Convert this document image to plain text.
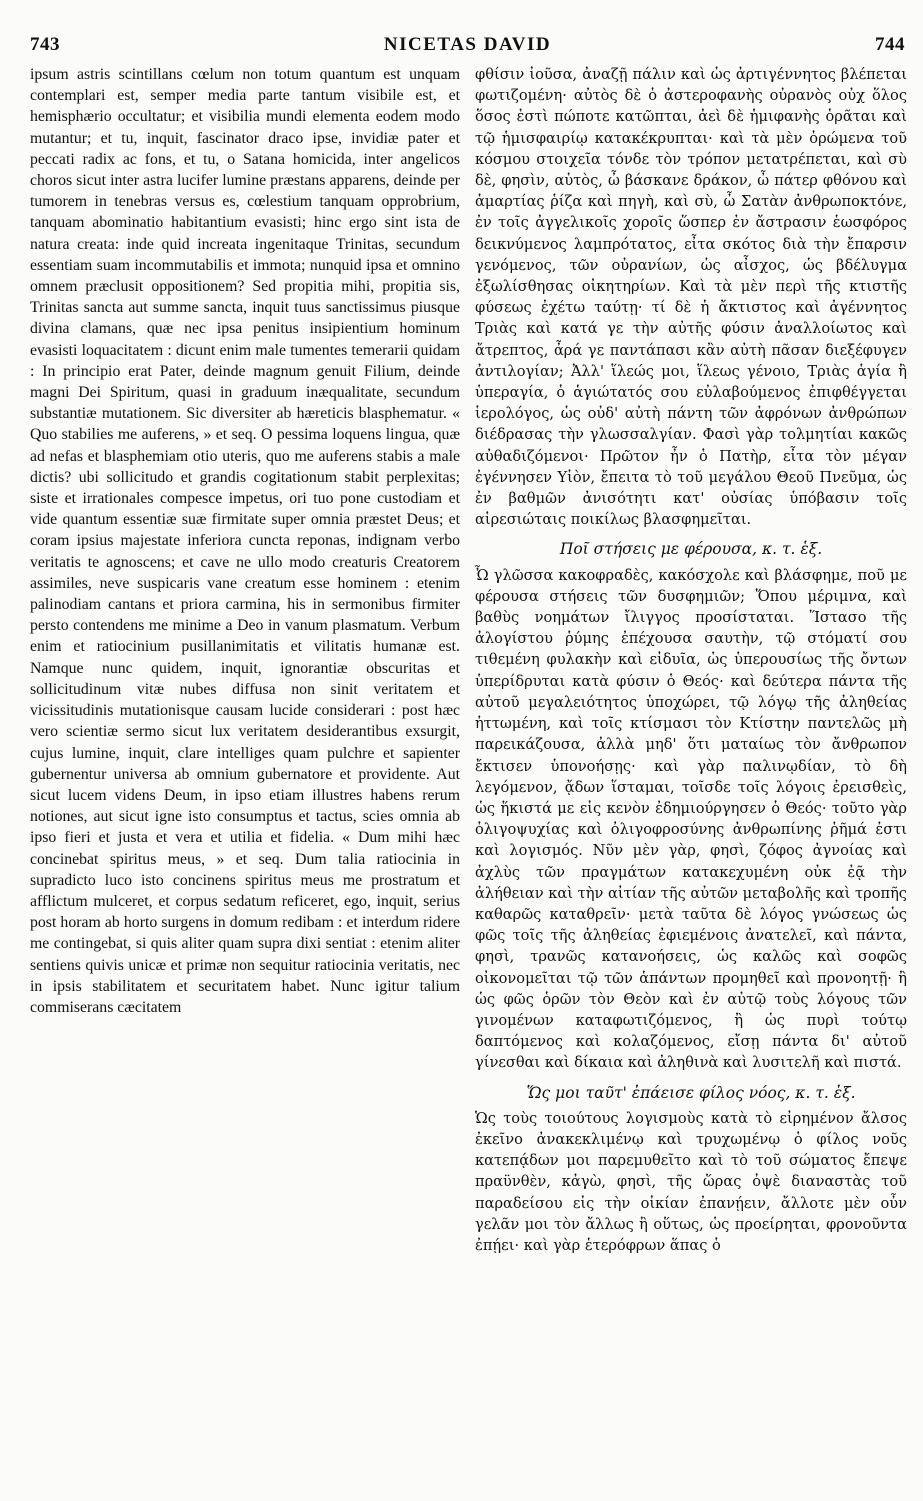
743	NICETAS DAVID	744

ipsum astris scintillans cœlum non totum quantum est unquam contemplari est, semper media parte tantum visibile est, et hemisphærio occultatur; et visibilia mundi elementa eodem modo mutantur; et tu, inquit, fascinator draco ipse, invidiæ pater et peccati radix ac fons, et tu, o Satana homicida, inter angelicos choros sicut inter astra lucifer lumine præstans apparens, deinde per tumorem in tenebras versus es, cœlestium tanquam opprobrium, tanquam abominatio habitantium evasisti; hinc ergo sint ista de natura creata: inde quid increata ingenitaque Trinitas, secundum essentiam suam incommutabilis et immota; nunquid ipsa et omnino omnem præclusit oppositionem? Sed propitia mihi, propitia sis, Trinitas sancta aut summe sancta, inquit tuus sanctissimus piusque divina clamans, quæ nec ipsa penitus insipientium hominum evasisti loquacitatem : dicunt enim male tumentes temerarii quidam : In principio erat Pater, deinde magnum genuit Filium, deinde magni Dei Spiritum, quasi in graduum inæqualitate, secundum substantiæ mutationem. Sic diversiter ab hæreticis blasphematur. « Quo stabilies me auferens, » et seq. O pessima loquens lingua, quæ ad nefas et blasphemiam otio uteris, quo me auferens stabis a male dictis? ubi sollicitudo et grandis cogitationum stabit perplexitas; siste et irrationales compesce impetus, ori tuo pone custodiam et vide quantum essentiæ suæ firmitate super omnia præstet Deus; et coram ipsius majestate inferiora cuncta reponas, indignam verbo veritatis te agnoscens; et cave ne ullo modo creaturis Creatorem assimiles, neve suspicaris vane creatum esse hominem : etenim palinodiam cantans et priora carmina, his in sermonibus firmiter persto contendens me minime a Deo in vanum plasmatum. Verbum enim et ratiocinium pusillanimitatis et vilitatis humanæ est. Namque nunc quidem, inquit, ignorantiæ obscuritas et sollicitudinum vitæ nubes diffusa non sinit veritatem et vicissitudinis mutationisque causam lucide considerari : post hæc vero scientiæ sermo sicut lux veritatem desiderantibus exsurgit, cujus lumine, inquit, clare intelliges quam pulchre et sapienter gubernentur universa ab omnium gubernatore et providente. Aut sicut lucem videns Deum, in ipso etiam illustres habens rerum notiones, aut sicut igne isto consumptus et tactus, scies omnia ab ipso fieri et justa et vera et utilia et fidelia. « Dum mihi hæc concinebat spiritus meus, » et seq. Dum talia ratiocinia in supradicto luco isto concinens spiritus meus me prostratum et afflictum mulceret, et corpus sedatum reficeret, ego, inquit, serius post horam ab horto surgens in domum redibam : et interdum ridere me contingebat, si quis aliter quam supra dixi sentiat : etenim aliter sentiens quivis unicæ et primæ non sequitur ratiocinia veritatis, nec in ipsis stabilitatem et securitatem habet. Nunc igitur talium commiserans cæcitatem

φθίσιν ἰοῦσα, ἀναζῇ πάλιν καὶ ὡς ἀρτιγέννητος βλέπεται φωτιζομένη· αὐτὸς δὲ ὁ ἀστεροφανὴς οὐρανὸς οὐχ ὅλος ὅσος ἐστὶ πώποτε κατῶπται, ἀεὶ δὲ ἡμιφανὴς ὁρᾶται καὶ τῷ ἡμισφαιρίῳ κατακέκρυπται· καὶ τὰ μὲν ὁρώμενα τοῦ κόσμου στοιχεῖα τόνδε τὸν τρόπον μετατρέπεται, καὶ σὺ δὲ, φησὶν, αὐτὸς, ὦ βάσκανε δράκον, ὦ πάτερ φθόνου καὶ ἁμαρτίας ῥίζα καὶ πηγὴ, καὶ σὺ, ὦ Σατὰν ἀνθρωποκτόνε, ἐν τοῖς ἀγγελικοῖς χοροῖς ὥσπερ ἐν ἄστρασιν ἑωσφόρος δεικνύμενος λαμπρότατος, εἶτα σκότος διὰ τὴν ἔπαρσιν γενόμενος, τῶν οὐρανίων, ὡς αἶσχος, ὡς βδέλυγμα ἐξωλίσθησας οἰκητηρίων. Καὶ τὰ μὲν περὶ τῆς κτιστῆς φύσεως ἐχέτω ταύτῃ· τί δὲ ἡ ἄκτιστος καὶ ἀγέννητος Τριὰς καὶ κατά γε τὴν αὐτῆς φύσιν ἀναλλοίωτος καὶ ἄτρεπτος, ἆρά γε παντάπασι κἂν αὐτὴ πᾶσαν διεξέφυγεν ἀντιλογίαν; Ἀλλ' ἵλεώς μοι, ἵλεως γένοιο, Τριὰς ἁγία ἢ ὑπεραγία, ὁ ἁγιώτατός σου εὐλαβούμενος ἐπιφθέγγεται ἱερολόγος, ὡς οὐδ' αὐτὴ πάντη τῶν ἀφρόνων ἀνθρώπων διέδρασας τὴν γλωσσαλγίαν. Φασὶ γὰρ τολμητίαι κακῶς αὐθαδιζόμενοι· Πρῶτον ἦν ὁ Πατὴρ, εἶτα τὸν μέγαν ἐγέννησεν Υἱὸν, ἔπειτα τὸ τοῦ μεγάλου Θεοῦ Πνεῦμα, ὡς ἐν βαθμῶν ἀνισότητι κατ' οὐσίας ὑπόβασιν τοῖς αἱρεσιώταις ποικίλως βλασφημεῖται.

Ποῖ στήσεις με φέρουσα, κ. τ. ἑξ.

Ὦ γλῶσσα κακοφραδὲς, κακόσχολε καὶ βλάσφημε, ποῦ με φέρουσα στήσεις τῶν δυσφημιῶν; Ὅπου μέριμνα, καὶ βαθὺς νοημάτων ἴλιγγος προσίσταται. Ἵστασο τῆς ἀλογίστου ῥύμης ἐπέχουσα σαυτὴν, τῷ στόματί σου τιθεμένη φυλακὴν καὶ εἰδυῖα, ὡς ὑπερουσίως τῆς ὄντων ὑπερίδρυται κατὰ φύσιν ὁ Θεός· καὶ δεύτερα πάντα τῆς αὐτοῦ μεγαλειότητος ὑποχώρει, τῷ λόγῳ τῆς ἀληθείας ἡττωμένη, καὶ τοῖς κτίσμασι τὸν Κτίστην παντελῶς μὴ παρεικάζουσα, ἀλλὰ μηδ' ὅτι ματαίως τὸν ἄνθρωπον ἔκτισεν ὑπονοήσῃς· καὶ γὰρ παλινῳδίαν, τὸ δὴ λεγόμενον, ᾄδων ἵσταμαι, τοῖσδε τοῖς λόγοις ἐρεισθεὶς, ὡς ἥκιστά με εἰς κενὸν ἐδημιούργησεν ὁ Θεός· τοῦτο γὰρ ὀλιγοψυχίας καὶ ὀλιγοφροσύνης ἀνθρωπίνης ῥῆμά ἐστι καὶ λογισμός. Νῦν μὲν γὰρ, φησὶ, ζόφος ἀγνοίας καὶ ἀχλὺς τῶν πραγμάτων κατακεχυμένη οὐκ ἐᾷ τὴν ἀλήθειαν καὶ τὴν αἰτίαν τῆς αὐτῶν μεταβολῆς καὶ τροπῆς καθαρῶς καταθρεῖν· μετὰ ταῦτα δὲ λόγος γνώσεως ὡς φῶς τοῖς τῆς ἀληθείας ἐφιεμένοις ἀνατελεῖ, καὶ πάντα, φησὶ, τρανῶς κατανοήσεις, ὡς καλῶς καὶ σοφῶς οἰκονομεῖται τῷ τῶν ἁπάντων προμηθεῖ καὶ προνοητῇ· ἢ ὡς φῶς ὁρῶν τὸν Θεὸν καὶ ἐν αὐτῷ τοὺς λόγους τῶν γινομένων καταφωτιζόμενος, ἢ ὡς πυρὶ τούτῳ δαπτόμενος καὶ κολαζόμενος, εἴσῃ πάντα δι' αὐτοῦ γίνεσθαι καὶ δίκαια καὶ ἀληθινὰ καὶ λυσιτελῆ καὶ πιστά.

Ὥς μοι ταῦτ' ἐπάεισε φίλος νόος, κ. τ. ἑξ.

Ὡς τοὺς τοιούτους λογισμοὺς κατὰ τὸ εἰρημένον ἄλσος ἐκεῖνο ἀνακεκλιμένῳ καὶ τρυχωμένῳ ὁ φίλος νοῦς κατεπᾴδων μοι παρεμυθεῖτο καὶ τὸ τοῦ σώματος ἔπεψε πραϋνθὲν, κἀγὼ, φησὶ, τῆς ὥρας ὀψὲ διαναστὰς τοῦ παραδείσου εἰς τὴν οἰκίαν ἐπανῄειν, ἄλλοτε μὲν οὖν γελᾶν μοι τὸν ἄλλως ἢ οὕτως, ὡς προείρηται, φρονοῦντα ἐπῄει· καὶ γὰρ ἑτερόφρων ἅπας ὁ
